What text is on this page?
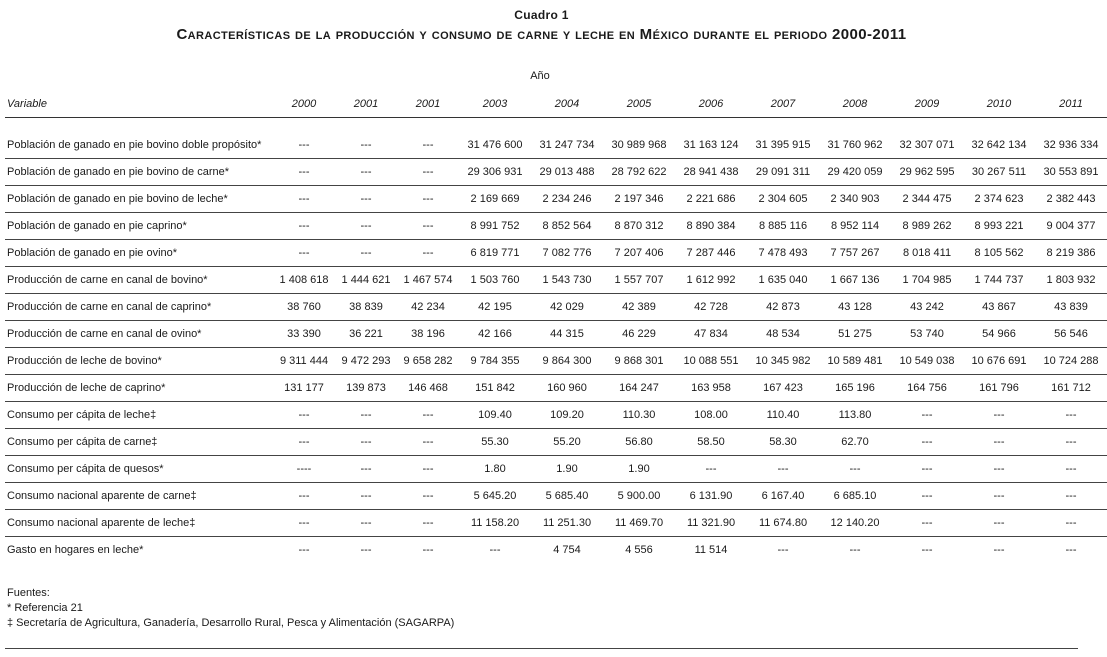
Cuadro 1
Características de la producción y consumo de carne y leche en México durante el periodo 2000-2011
Año
Variable	2000	2001	2001	2003	2004	2005	2006	2007	2008	2009	2010	2011

Población de ganado en pie bovino doble propósito*	---	---	---	31 476 600	31 247 734	30 989 968	31 163 124	31 395 915	31 760 962	32 307 071	32 642 134	32 936 334
Población de ganado en pie bovino de carne*	---	---	---	29 306 931	29 013 488	28 792 622	28 941 438	29 091 311	29 420 059	29 962 595	30 267 511	30 553 891
Población de ganado en pie bovino de leche*	---	---	---	2 169 669	2 234 246	2 197 346	2 221 686	2 304 605	2 340 903	2 344 475	2 374 623	2 382 443
Población de ganado en pie caprino*	---	---	---	8 991 752	8 852 564	8 870 312	8 890 384	8 885 116	8 952 114	8 989 262	8 993 221	9 004 377
Población de ganado en pie ovino*	---	---	---	6 819 771	7 082 776	7 207 406	7 287 446	7 478 493	7 757 267	8 018 411	8 105 562	8 219 386
Producción de carne en canal de bovino*	1 408 618	1 444 621	1 467 574	1 503 760	1 543 730	1 557 707	1 612 992	1 635 040	1 667 136	1 704 985	1 744 737	1 803 932
Producción de carne en canal de caprino*	38 760	38 839	42 234	42 195	42 029	42 389	42 728	42 873	43 128	43 242	43 867	43 839
Producción de carne en canal de ovino*	33 390	36 221	38 196	42 166	44 315	46 229	47 834	48 534	51 275	53 740	54 966	56 546
Producción de leche de bovino*	9 311 444	9 472 293	9 658 282	9 784 355	9 864 300	9 868 301	10 088 551	10 345 982	10 589 481	10 549 038	10 676 691	10 724 288
Producción de leche de caprino*	131 177	139 873	146 468	151 842	160 960	164 247	163 958	167 423	165 196	164 756	161 796	161 712
Consumo per cápita de leche‡	---	---	---	109.40	109.20	110.30	108.00	110.40	113.80	---	---	---
Consumo per cápita de carne‡	---	---	---	55.30	55.20	56.80	58.50	58.30	62.70	---	---	---
Consumo per cápita de quesos*	----	---	---	1.80	1.90	1.90	---	---	---	---	---	---
Consumo nacional aparente de carne‡	---	---	---	5 645.20	5 685.40	5 900.00	6 131.90	6 167.40	6 685.10	---	---	---
Consumo nacional aparente de leche‡	---	---	---	11 158.20	11 251.30	11 469.70	11 321.90	11 674.80	12 140.20	---	---	---
Gasto en hogares en leche*	---	---	---	---	4 754	4 556	11 514	---	---	---	---	---
Fuentes:
* Referencia 21
‡ Secretaría de Agricultura, Ganadería, Desarrollo Rural, Pesca y Alimentación (SAGARPA)
